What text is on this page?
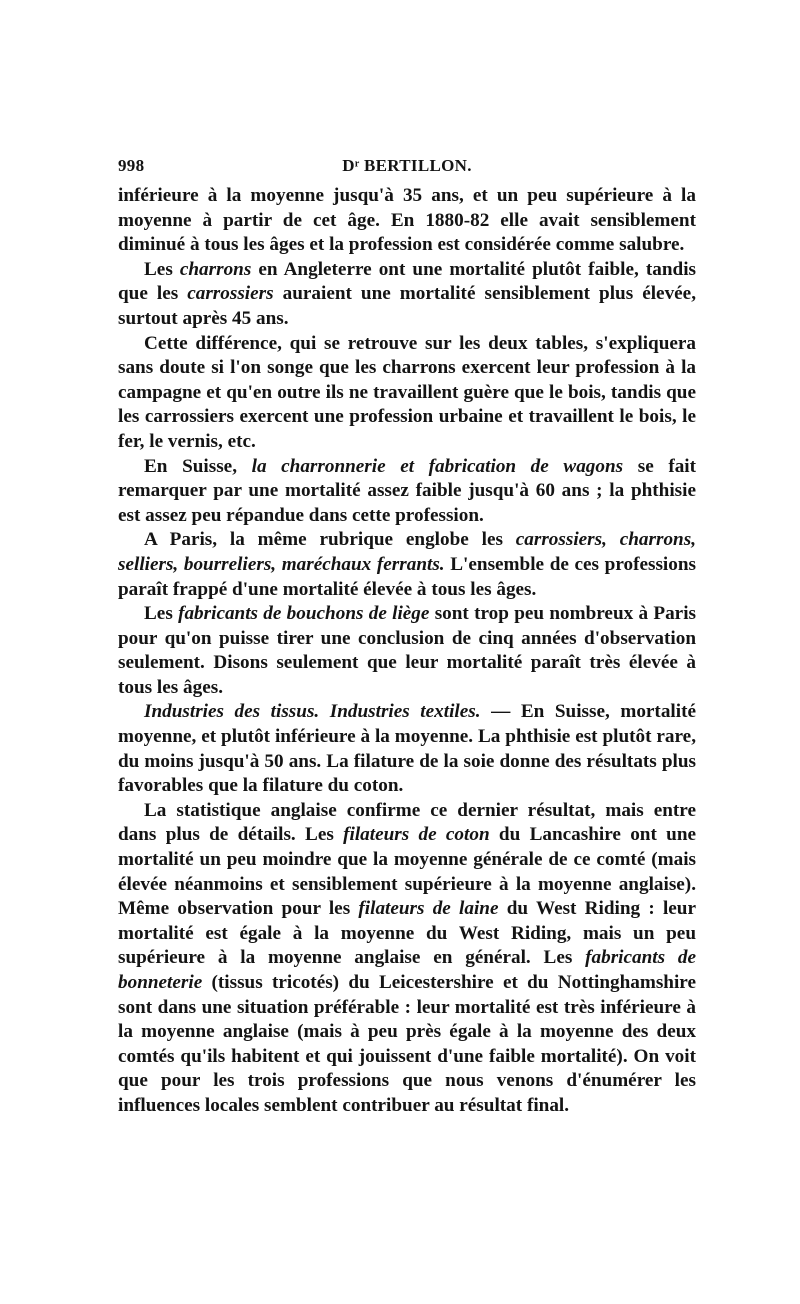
998	Dʳ BERTILLON.

inférieure à la moyenne jusqu'à 35 ans, et un peu supérieure à la moyenne à partir de cet âge. En 1880-82 elle avait sensiblement diminué à tous les âges et la profession est considérée comme salubre.

Les charrons en Angleterre ont une mortalité plutôt faible, tandis que les carrossiers auraient une mortalité sensiblement plus élevée, surtout après 45 ans.

Cette différence, qui se retrouve sur les deux tables, s'expliquera sans doute si l'on songe que les charrons exercent leur profession à la campagne et qu'en outre ils ne travaillent guère que le bois, tandis que les carrossiers exercent une profession urbaine et travaillent le bois, le fer, le vernis, etc.

En Suisse, la charronnerie et fabrication de wagons se fait remarquer par une mortalité assez faible jusqu'à 60 ans ; la phthisie est assez peu répandue dans cette profession.

A Paris, la même rubrique englobe les carrossiers, charrons, selliers, bourreliers, maréchaux ferrants. L'ensemble de ces professions paraît frappé d'une mortalité élevée à tous les âges.

Les fabricants de bouchons de liège sont trop peu nombreux à Paris pour qu'on puisse tirer une conclusion de cinq années d'observation seulement. Disons seulement que leur mortalité paraît très élevée à tous les âges.

Industries des tissus. Industries textiles. — En Suisse, mortalité moyenne, et plutôt inférieure à la moyenne. La phthisie est plutôt rare, du moins jusqu'à 50 ans. La filature de la soie donne des résultats plus favorables que la filature du coton.

La statistique anglaise confirme ce dernier résultat, mais entre dans plus de détails. Les filateurs de coton du Lancashire ont une mortalité un peu moindre que la moyenne générale de ce comté (mais élevée néanmoins et sensiblement supérieure à la moyenne anglaise). Même observation pour les filateurs de laine du West Riding : leur mortalité est égale à la moyenne du West Riding, mais un peu supérieure à la moyenne anglaise en général. Les fabricants de bonneterie (tissus tricotés) du Leicestershire et du Nottinghamshire sont dans une situation préférable : leur mortalité est très inférieure à la moyenne anglaise (mais à peu près égale à la moyenne des deux comtés qu'ils habitent et qui jouissent d'une faible mortalité). On voit que pour les trois professions que nous venons d'énumérer les influences locales semblent contribuer au résultat final.
